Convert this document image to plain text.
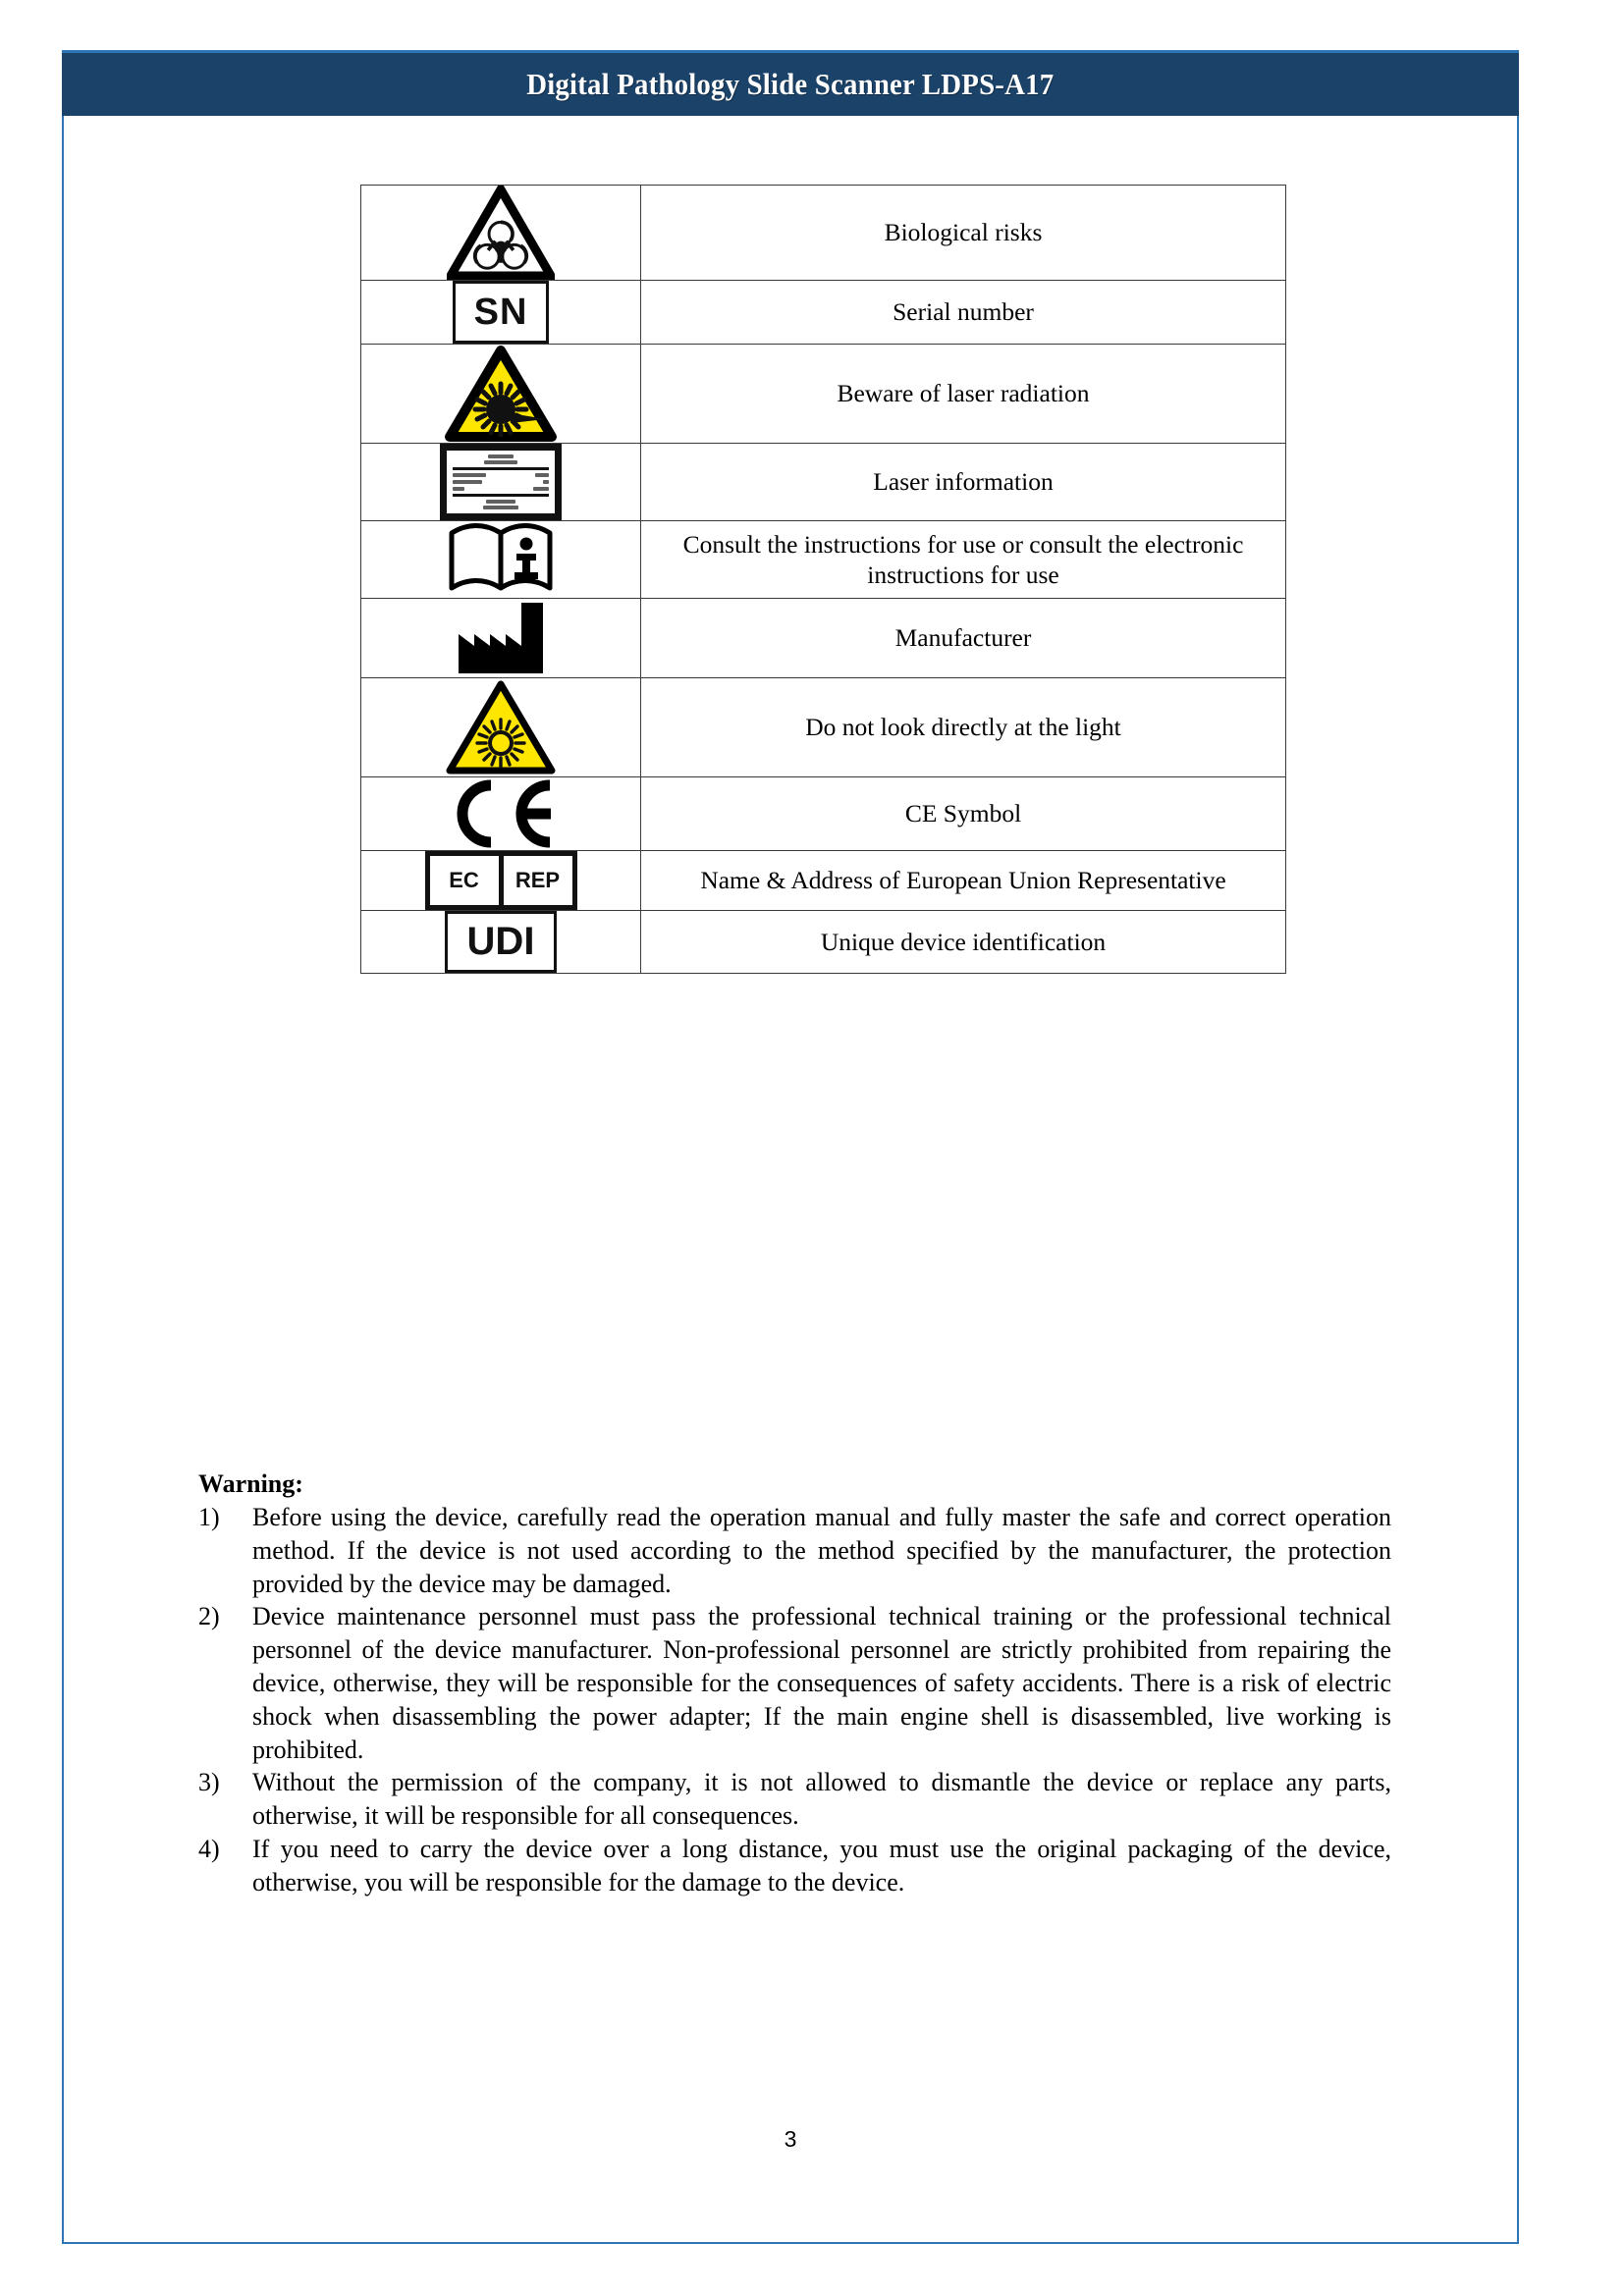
Digital Pathology Slide Scanner LDPS-A17
	Biological risks

SN	Serial number

	Beware of laser radiation

	Laser information

	Consult the instructions for use or consult the electronic instructions for use

	Manufacturer

	Do not look directly at the light

	CE Symbol

EC REP	Name & Address of European Union Representative

UDI	Unique device identification
Warning:
1)	Before using the device, carefully read the operation manual and fully master the safe and correct operation method. If the device is not used according to the method specified by the manufacturer, the protection provided by the device may be damaged.
2)	Device maintenance personnel must pass the professional technical training or the professional technical personnel of the device manufacturer. Non-professional personnel are strictly prohibited from repairing the device, otherwise, they will be responsible for the consequences of safety accidents. There is a risk of electric shock when disassembling the power adapter; If the main engine shell is disassembled, live working is prohibited.
3)	Without the permission of the company, it is not allowed to dismantle the device or replace any parts, otherwise, it will be responsible for all consequences.
4)	If you need to carry the device over a long distance, you must use the original packaging of the device, otherwise, you will be responsible for the damage to the device.
3
